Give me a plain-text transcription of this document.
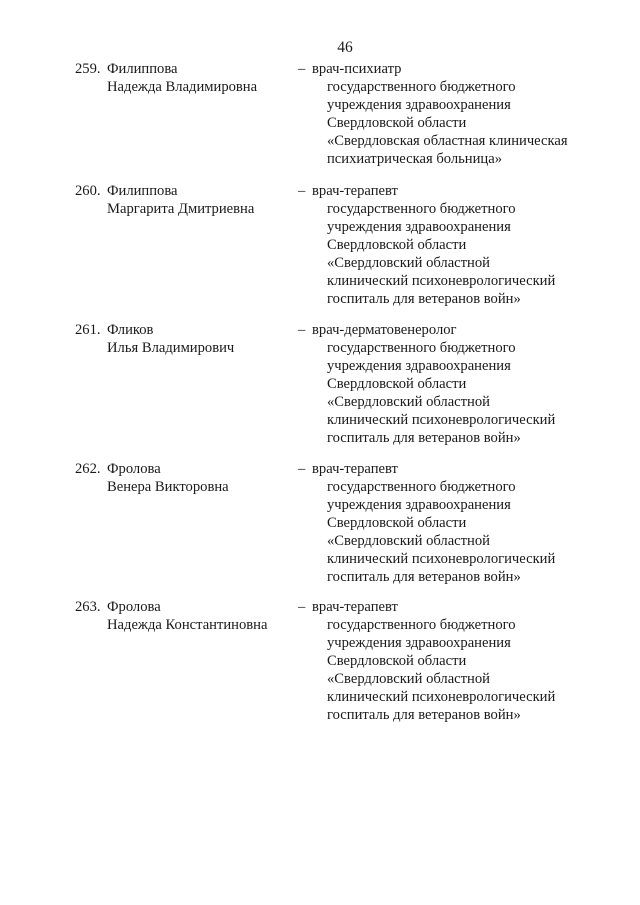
46
259. Филиппова
Надежда Владимировна
– врач-психиатр
государственного бюджетного
учреждения здравоохранения
Свердловской области
«Свердловская областная клиническая
психиатрическая больница»
260. Филиппова
Маргарита Дмитриевна
– врач-терапевт
государственного бюджетного
учреждения здравоохранения
Свердловской области
«Свердловский областной
клинический психоневрологический
госпиталь для ветеранов войн»
261. Фликов
Илья Владимирович
– врач-дерматовенеролог
государственного бюджетного
учреждения здравоохранения
Свердловской области
«Свердловский областной
клинический психоневрологический
госпиталь для ветеранов войн»
262. Фролова
Венера Викторовна
– врач-терапевт
государственного бюджетного
учреждения здравоохранения
Свердловской области
«Свердловский областной
клинический психоневрологический
госпиталь для ветеранов войн»
263. Фролова
Надежда Константиновна
– врач-терапевт
государственного бюджетного
учреждения здравоохранения
Свердловской области
«Свердловский областной
клинический психоневрологический
госпиталь для ветеранов войн»
